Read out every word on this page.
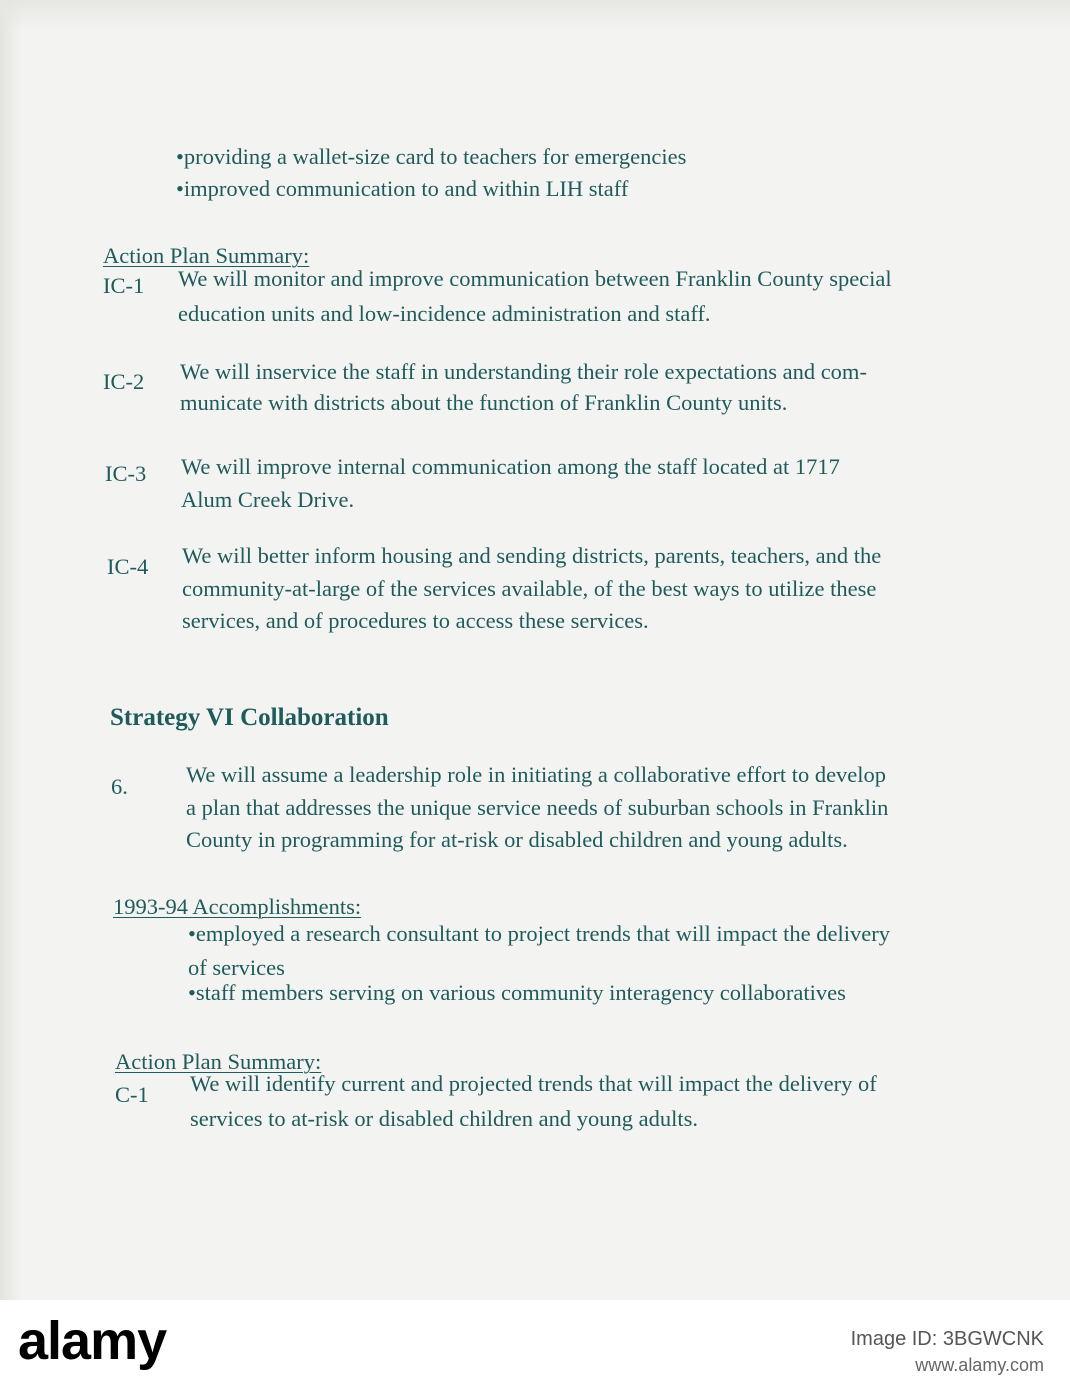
•providing a wallet-size card to teachers for emergencies
•improved communication to and within LIH staff
Action Plan Summary:
IC-1 We will monitor and improve communication between Franklin County special
education units and low-incidence administration and staff.
IC-2 We will inservice the staff in understanding their role expectations and com-
municate with districts about the function of Franklin County units.
IC-3 We will improve internal communication among the staff located at 1717
Alum Creek Drive.
IC-4 We will better inform housing and sending districts, parents, teachers, and the
community-at-large of the services available, of the best ways to utilize these
services, and of procedures to access these services.
Strategy VI Collaboration
6.	We will assume a leadership role in initiating a collaborative effort to develop
a plan that addresses the unique service needs of suburban schools in Franklin
County in programming for at-risk or disabled children and young adults.
1993-94 Accomplishments:
•employed a research consultant to project trends that will impact the delivery
of services
•staff members serving on various community interagency collaboratives
Action Plan Summary:
C-1 We will identify current and projected trends that will impact the delivery of
services to at-risk or disabled children and young adults.
alamy	Image ID: 3BGWCNK
www.alamy.com
